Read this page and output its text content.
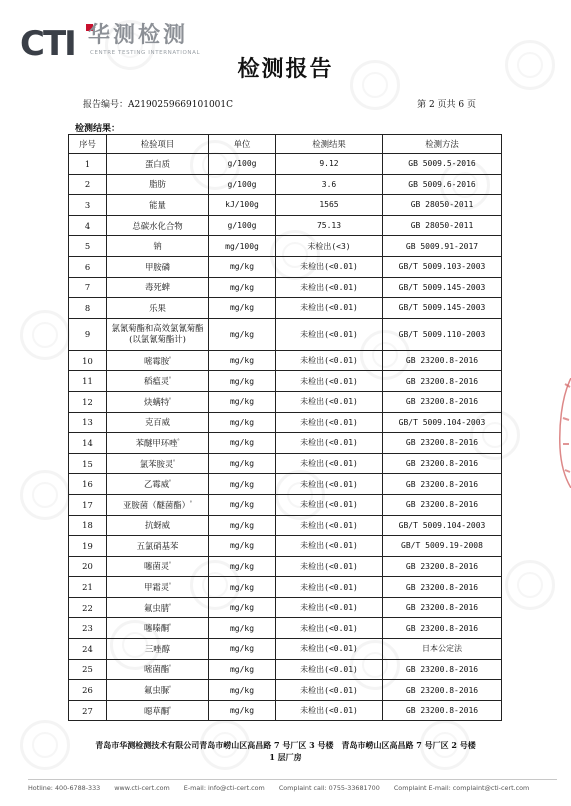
CTI 华测检测
CENTRE TESTING INTERNATIONAL
检测报告
报告编号：A2190259669101001C	第 2 页共 6 页
检测结果：
序号	检验项目	单位	检测结果	检测方法
1	蛋白质	g/100g	9.12	GB 5009.5-2016
2	脂肪	g/100g	3.6	GB 5009.6-2016
3	能量	kJ/100g	1565	GB 28050-2011
4	总碳水化合物	g/100g	75.13	GB 28050-2011
5	钠	mg/100g	未检出(<3)	GB 5009.91-2017
6	甲胺磷	mg/kg	未检出(<0.01)	GB/T 5009.103-2003
7	毒死蜱	mg/kg	未检出(<0.01)	GB/T 5009.145-2003
8	乐果	mg/kg	未检出(<0.01)	GB/T 5009.145-2003
9	氯氰菊酯和高效氯氰菊酯(以氯氰菊酯计)	mg/kg	未检出(<0.01)	GB/T 5009.110-2003
10	嘧霉胺$^ᵟ$	mg/kg	未检出(<0.01)	GB 23200.8-2016
11	稻瘟灵$^ᵟ$	mg/kg	未检出(<0.01)	GB 23200.8-2016
12	炔螨特$^ᵟ$	mg/kg	未检出(<0.01)	GB 23200.8-2016
13	克百威	mg/kg	未检出(<0.01)	GB/T 5009.104-2003
14	苯醚甲环唑$^ᵟ$	mg/kg	未检出(<0.01)	GB 23200.8-2016
15	氯苯胺灵$^ᵟ$	mg/kg	未检出(<0.01)	GB 23200.8-2016
16	乙霉威$^ᵟ$	mg/kg	未检出(<0.01)	GB 23200.8-2016
17	亚胺菌（醚菌酯）$^ᵟ$	mg/kg	未检出(<0.01)	GB 23200.8-2016
18	抗蚜威	mg/kg	未检出(<0.01)	GB/T 5009.104-2003
19	五氯硝基苯	mg/kg	未检出(<0.01)	GB/T 5009.19-2008
20	噻菌灵$^ᵟ$	mg/kg	未检出(<0.01)	GB 23200.8-2016
21	甲霜灵$^ᵟ$	mg/kg	未检出(<0.01)	GB 23200.8-2016
22	氟虫腈$^ᵟ$	mg/kg	未检出(<0.01)	GB 23200.8-2016
23	噻嗪酮$^ᵟ$	mg/kg	未检出(<0.01)	GB 23200.8-2016
24	三唑醇	mg/kg	未检出(<0.01)	日本公定法
25	嘧菌酯$^ᵟ$	mg/kg	未检出(<0.01)	GB 23200.8-2016
26	氟虫脲$^ᵟ$	mg/kg	未检出(<0.01)	GB 23200.8-2016
27	噁草酮$^ᵟ$	mg/kg	未检出(<0.01)	GB 23200.8-2016
青岛市华测检测技术有限公司青岛市崂山区高昌路 7 号厂区 3 号楼　青岛市崂山区高昌路 7 号厂区 2 号楼
1 层厂房
Hotline: 400-6788-333 www.cti-cert.com E-mail: info@cti-cert.com Complaint call: 0755-33681700 Complaint E-mail: complaint@cti-cert.com
